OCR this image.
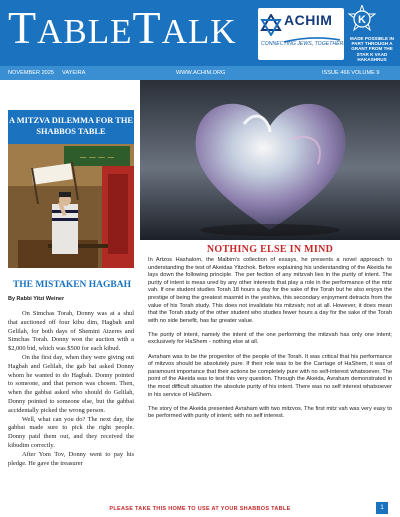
TABLETALK	ACHIM
CONNECTING JEWS, TOGETHER!
K
MADE POSSIBLE IN PART THROUGH A GRANT FROM THE STAR K VAAD HAKASHRUS
NOVEMBER 2025 VAYEIRA	WWW.ACHIM.ORG	ISSUE 466 VOLUME 9
A MITZVA DILEMMA FOR THE SHABBOS TABLE
— — — —
THE MISTAKEN HAGBAH
By Rabbi Yitzi Weiner

On Simchas Torah, Donny was at a shul that auctioned off four kibu dim, Hagbah and Gelilah, for both days of Shemini Atzeres and Simchas Torah. Donny won the auction with a $2,000 bid, which was $500 for each kibud.

On the first day, when they were giving out Hagbah and Gelilah, the gab bai asked Donny whom he wanted to do Hagbah. Donny pointed to someone, and that person was chosen. Then, when the gabbai asked who should do Gelilah, Donny pointed to someone else, but the gabbai accidentally picked the wrong person.

Well, what can you do? The next day, the gabbai made sure to pick the right people. Donny paid them out, and they received the kibudim correctly.

After Yom Tov, Donny went to pay his pledge. He gave the treasurer

NOTHING ELSE IN MIND

In Artzos Hashalom, the Malbim's collection of essays, he presents a novel approach to understanding the test of Akeidas Yitzchok. Before explaining his understanding of the Akeida he lays down the following principle. The per fection of any mitzvah lies in the purity of intent. The purity of intent is meas ured by any other interests that play a role in the performance of the mitz vah. If one student studies Torah 18 hours a day for the sake of the Torah but he also enjoys the prestige of being the greatest masmid in the yeshiva, this secondary enjoyment detracts from the value of his Torah study. This does not invalidate his mitzvah; not at all. However, it does mean that the Torah study of the other student who studies fewer hours a day for the sake of the Torah with no side benefit, has far greater value.

The purity of intent, namely the intent of the one performing the mitzvah has only one intent; exclusively for HaShem - nothing else at all.

Avraham was to be the progenitor of the people of the Torah. It was critical that his performance of mitzvos should be absolutely pure. If their role was to be the Carriage of HaShem, it was of paramount importance that their actions be completely pure with no self-interest whatsoever. The point of the Akeida was to test this very question. Through the Akeida, Avraham demonstrated in the most difficult situation the absolute purity of his intent. There was no self interest whatsoever in his service of HaShem.

The story of the Akeida presented Avraham with two mitzvos. The first mitz vah was very easy to be performed with purity of intent; with no self interest.

1
PLEASE TAKE THIS HOME TO USE AT YOUR SHABBOS TABLE
